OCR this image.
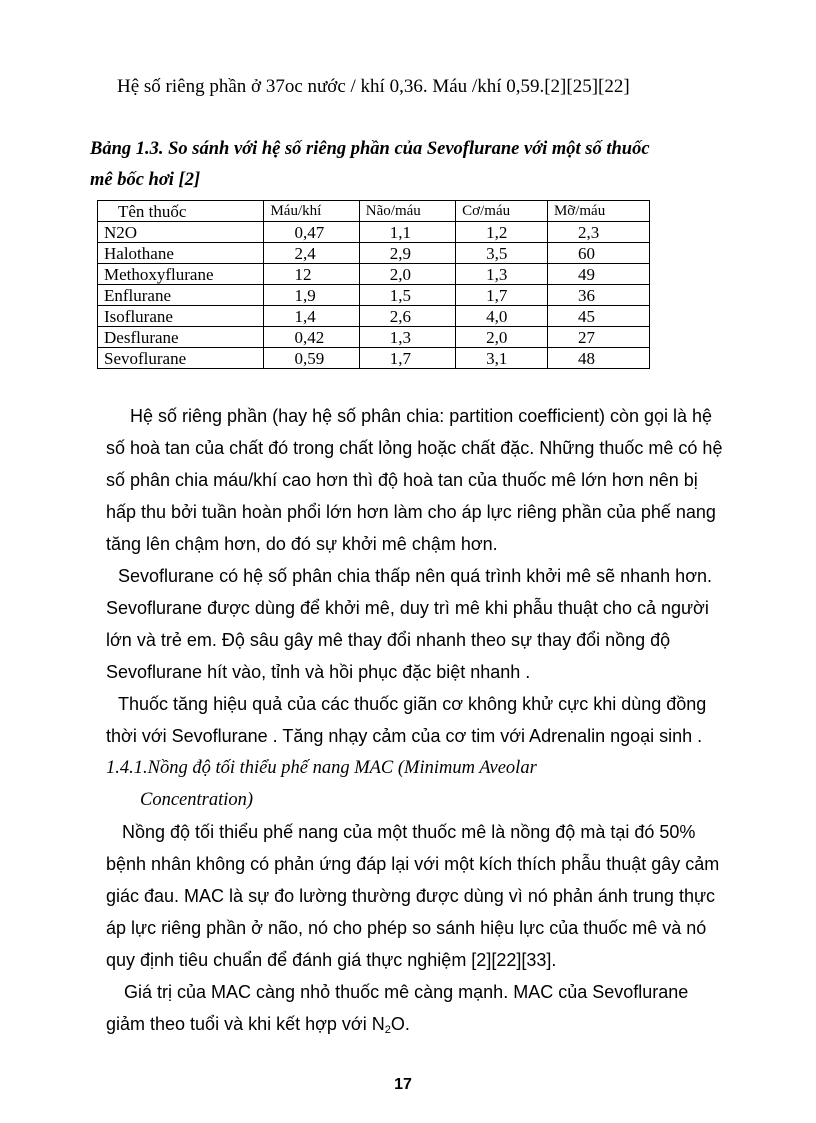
Hệ số riêng phần ở 37oc nước / khí 0,36. Máu /khí 0,59.[2][25][22]
Bảng 1.3. So sánh với hệ số riêng phần của Sevoflurane với một số thuốc
mê bốc hơi [2]
Tên thuốc	Máu/khí	Não/máu	Cơ/máu	Mỡ/máu
N2O	0,47	1,1	1,2	2,3
Halothane	2,4	2,9	3,5	60
Methoxyflurane	12	2,0	1,3	49
Enflurane	1,9	1,5	1,7	36
Isoflurane	1,4	2,6	4,0	45
Desflurane	0,42	1,3	2,0	27
Sevoflurane	0,59	1,7	3,1	48
Hệ số riêng phần (hay hệ số phân chia: partition coefficient) còn gọi là hệ
số hoà tan của chất đó trong chất lỏng hoặc chất đặc. Những thuốc mê có hệ
số phân chia máu/khí cao hơn thì độ hoà tan của thuốc mê lớn hơn nên bị
hấp thu bởi tuần hoàn phổi lớn hơn làm cho áp lực riêng phần của phế nang
tăng lên chậm hơn, do đó sự khởi mê chậm hơn.
Sevoflurane có hệ số phân chia thấp nên quá trình khởi mê sẽ nhanh hơn.
Sevoflurane được dùng để khởi mê, duy trì mê khi phẫu thuật cho cả người
lớn và trẻ em. Độ sâu gây mê thay đổi nhanh theo sự thay đổi nồng độ
Sevoflurane hít vào, tỉnh và hồi phục đặc biệt nhanh .
Thuốc tăng hiệu quả của các thuốc giãn cơ không khử cực khi dùng đồng
thời với Sevoflurane . Tăng nhạy cảm của cơ tim với Adrenalin ngoại sinh .
1.4.1.Nồng độ tối thiểu phế nang MAC (Minimum Aveolar
Concentration)
Nồng độ tối thiểu phế nang của một thuốc mê là nồng độ mà tại đó 50%
bệnh nhân không có phản ứng đáp lại với một kích thích phẫu thuật gây cảm
giác đau. MAC là sự đo lường thường được dùng vì nó phản ánh trung thực
áp lực riêng phần ở não, nó cho phép so sánh hiệu lực của thuốc mê và nó
quy định tiêu chuẩn để đánh giá thực nghiệm [2][22][33].
Giá trị của MAC càng nhỏ thuốc mê càng mạnh. MAC của Sevoflurane
giảm theo tuổi và khi kết hợp với $N_2O$.
17
